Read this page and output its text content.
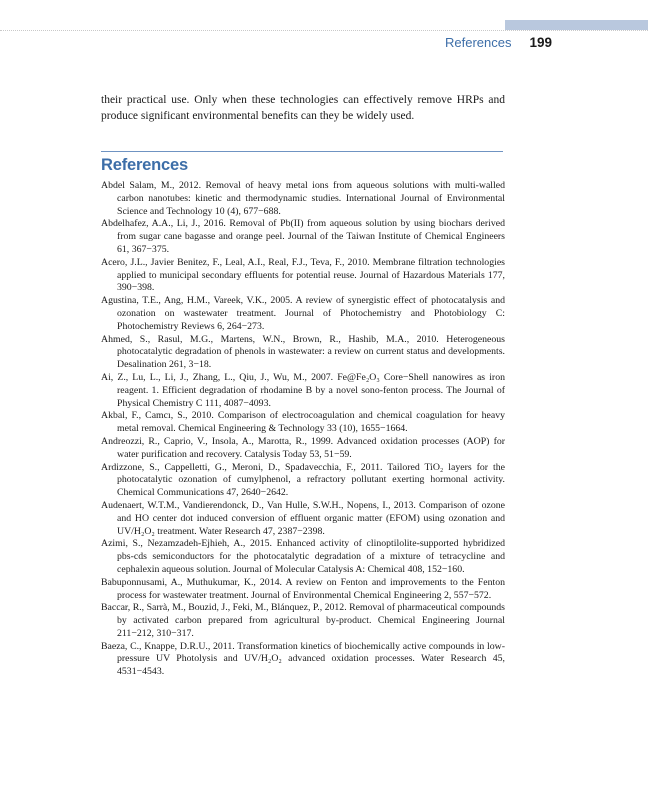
References 199

their practical use. Only when these technologies can effectively remove HRPs and produce significant environmental benefits can they be widely used.

References
Abdel Salam, M., 2012. Removal of heavy metal ions from aqueous solutions with multi-walled carbon nanotubes: kinetic and thermodynamic studies. International Journal of Environmental Science and Technology 10 (4), 677−688.
Abdelhafez, A.A., Li, J., 2016. Removal of Pb(II) from aqueous solution by using biochars derived from sugar cane bagasse and orange peel. Journal of the Taiwan Institute of Chemical Engineers 61, 367−375.
Acero, J.L., Javier Benitez, F., Leal, A.I., Real, F.J., Teva, F., 2010. Membrane filtration technologies applied to municipal secondary effluents for potential reuse. Journal of Hazardous Materials 177, 390−398.
Agustina, T.E., Ang, H.M., Vareek, V.K., 2005. A review of synergistic effect of photocatalysis and ozonation on wastewater treatment. Journal of Photochemistry and Photobiology C: Photochemistry Reviews 6, 264−273.
Ahmed, S., Rasul, M.G., Martens, W.N., Brown, R., Hashib, M.A., 2010. Heterogeneous photocatalytic degradation of phenols in wastewater: a review on current status and developments. Desalination 261, 3−18.
Ai, Z., Lu, L., Li, J., Zhang, L., Qiu, J., Wu, M., 2007. Fe@Fe₂O₃ Core−Shell nanowires as iron reagent. 1. Efficient degradation of rhodamine B by a novel sono-fenton process. The Journal of Physical Chemistry C 111, 4087−4093.
Akbal, F., Camcı, S., 2010. Comparison of electrocoagulation and chemical coagulation for heavy metal removal. Chemical Engineering & Technology 33 (10), 1655−1664.
Andreozzi, R., Caprio, V., Insola, A., Marotta, R., 1999. Advanced oxidation processes (AOP) for water purification and recovery. Catalysis Today 53, 51−59.
Ardizzone, S., Cappelletti, G., Meroni, D., Spadavecchia, F., 2011. Tailored TiO₂ layers for the photocatalytic ozonation of cumylphenol, a refractory pollutant exerting hormonal activity. Chemical Communications 47, 2640−2642.
Audenaert, W.T.M., Vandierendonck, D., Van Hulle, S.W.H., Nopens, I., 2013. Comparison of ozone and HO center dot induced conversion of effluent organic matter (EFOM) using ozonation and UV/H₂O₂ treatment. Water Research 47, 2387−2398.
Azimi, S., Nezamzadeh-Ejhieh, A., 2015. Enhanced activity of clinoptilolite-supported hybridized pbs-cds semiconductors for the photocatalytic degradation of a mixture of tetracycline and cephalexin aqueous solution. Journal of Molecular Catalysis A: Chemical 408, 152−160.
Babuponnusami, A., Muthukumar, K., 2014. A review on Fenton and improvements to the Fenton process for wastewater treatment. Journal of Environmental Chemical Engineering 2, 557−572.
Baccar, R., Sarrà, M., Bouzid, J., Feki, M., Blánquez, P., 2012. Removal of pharmaceutical compounds by activated carbon prepared from agricultural by-product. Chemical Engineering Journal 211−212, 310−317.
Baeza, C., Knappe, D.R.U., 2011. Transformation kinetics of biochemically active compounds in low-pressure UV Photolysis and UV/H₂O₂ advanced oxidation processes. Water Research 45, 4531−4543.
